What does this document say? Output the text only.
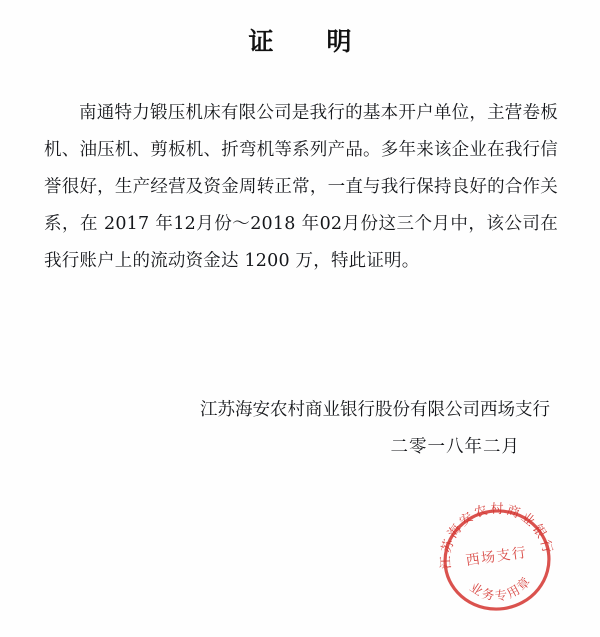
证　明
南通特力锻压机床有限公司是我行的基本开户单位，主营卷板机、油压机、剪板机、折弯机等系列产品。多年来该企业在我行信誉很好，生产经营及资金周转正常，一直与我行保持良好的合作关系，在 2017 年12月份～2018 年02月份这三个月中，该公司在我行账户上的流动资金达 1200 万，特此证明。
江苏海安农村商业银行股份有限公司西场支行
二零一八年二月
江苏海安农村商业银行
西场支行
业务专用章
